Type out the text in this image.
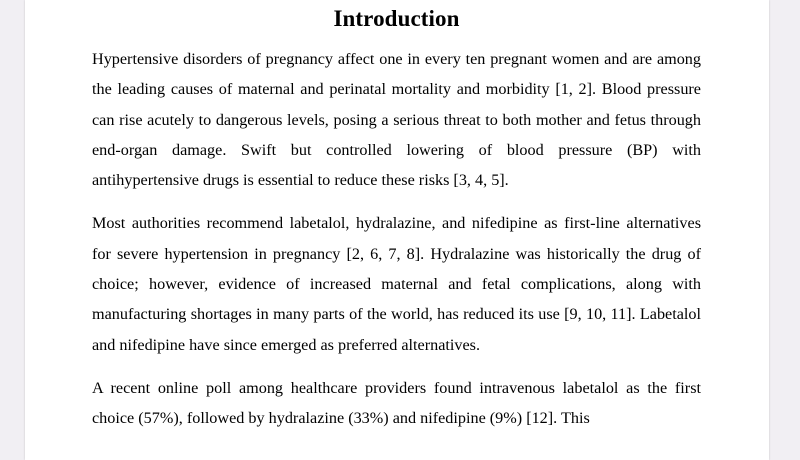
Introduction

Hypertensive disorders of pregnancy affect one in every ten pregnant women and are among the leading causes of maternal and perinatal mortality and morbidity [1, 2]. Blood pressure can rise acutely to dangerous levels, posing a serious threat to both mother and fetus through end-organ damage. Swift but controlled lowering of blood pressure (BP) with antihypertensive drugs is essential to reduce these risks [3, 4, 5].

Most authorities recommend labetalol, hydralazine, and nifedipine as first-line alternatives for severe hypertension in pregnancy [2, 6, 7, 8]. Hydralazine was historically the drug of choice; however, evidence of increased maternal and fetal complications, along with manufacturing shortages in many parts of the world, has reduced its use [9, 10, 11]. Labetalol and nifedipine have since emerged as preferred alternatives.

A recent online poll among healthcare providers found intravenous labetalol as the first choice (57%), followed by hydralazine (33%) and nifedipine (9%) [12]. This
